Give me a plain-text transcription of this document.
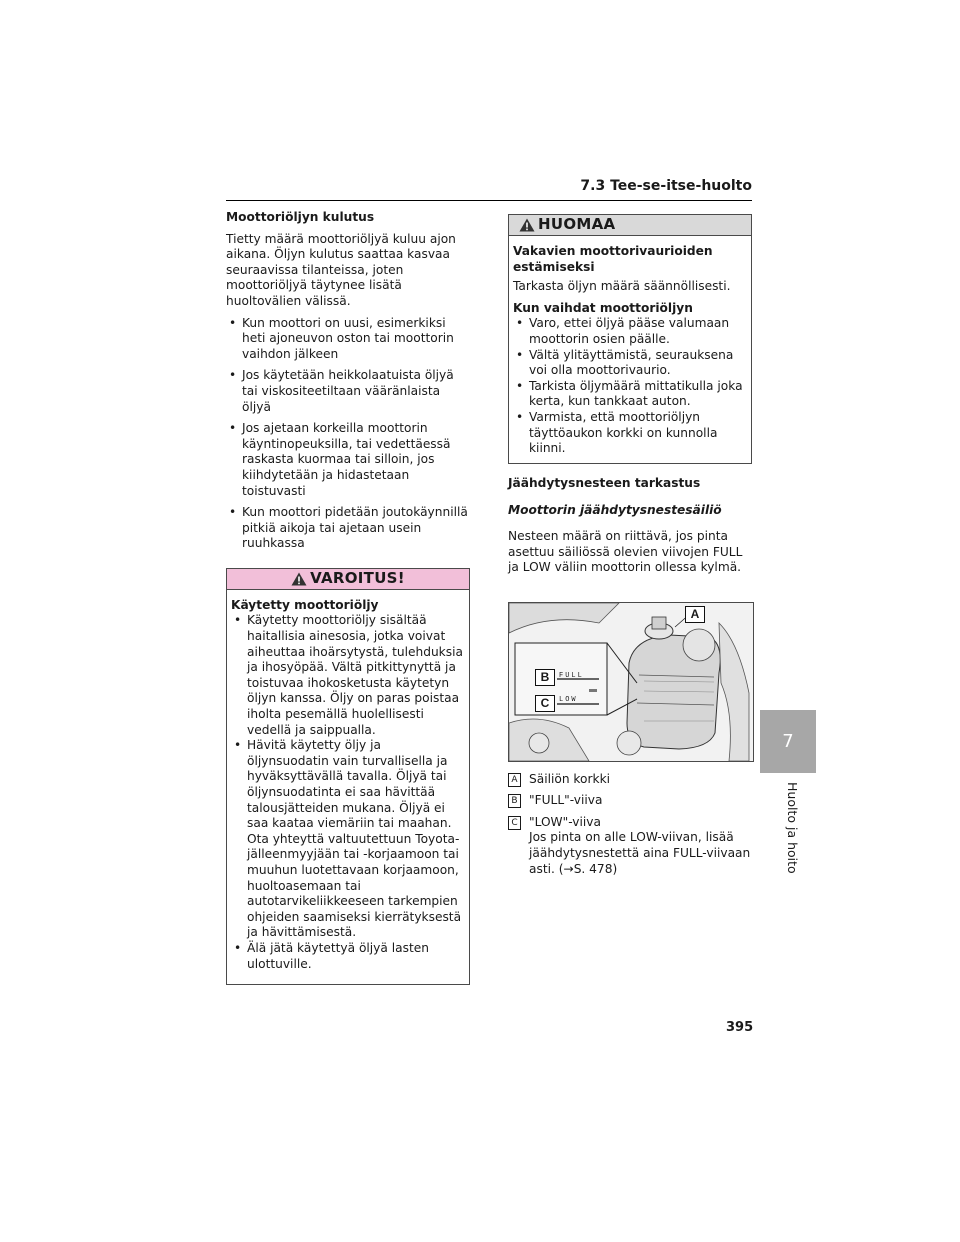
7.3 Tee-se-itse-huolto
Moottoriöljyn kulutus

Tietty määrä moottoriöljyä kuluu ajon aikana. Öljyn kulutus saattaa kasvaa seuraavissa tilanteissa, joten moottoriöljyä täytynee lisätä huoltovälien välissä.

• Kun moottori on uusi, esimerkiksi heti ajoneuvon oston tai moottorin vaihdon jälkeen
• Jos käytetään heikkolaatuista öljyä tai viskositeetiltaan vääränlaista öljyä
• Jos ajetaan korkeilla moottorin käyntinopeuksilla, tai vedettäessä raskasta kuormaa tai silloin, jos kiihdytetään ja hidastetaan toistuvasti
• Kun moottori pidetään joutokäynnillä pitkiä aikoja tai ajetaan usein ruuhkassa
VAROITUS!
Käytetty moottoriöljy
• Käytetty moottoriöljy sisältää haitallisia ainesosia, jotka voivat aiheuttaa ihoärsytystä, tulehduksia ja ihosyöpää. Vältä pitkittynyttä ja toistuvaa ihokosketusta käytetyn öljyn kanssa. Öljy on paras poistaa iholta pesemällä huolellisesti vedellä ja saippualla.
• Hävitä käytetty öljy ja öljynsuodatin vain turvallisella ja hyväksyttävällä tavalla. Öljyä tai öljynsuodatinta ei saa hävittää talousjätteiden mukana. Öljyä ei saa kaataa viemäriin tai maahan. Ota yhteyttä valtuutettuun Toyota-jälleenmyyjään tai -korjaamoon tai muuhun luotettavaan korjaamoon, huoltoasemaan tai autotarvikeliikkeeseen tarkempien ohjeiden saamiseksi kierrätyksestä ja hävittämisestä.
• Älä jätä käytettyä öljyä lasten ulottuville.
HUOMAA
Vakavien moottorivaurioiden estämiseksi

Tarkasta öljyn määrä säännöllisesti.

Kun vaihdat moottoriöljyn
• Varo, ettei öljyä pääse valumaan moottorin osien päälle.
• Vältä ylitäyttämistä, seurauksena voi olla moottorivaurio.
• Tarkista öljymäärä mittatikulla joka kerta, kun tankkaat auton.
• Varmista, että moottoriöljyn täyttöaukon korkki on kunnolla kiinni.
Jäähdytysnesteen tarkastus
Moottorin jäähdytysnestesäiliö

Nesteen määrä on riittävä, jos pinta asettuu säiliössä olevien viivojen FULL ja LOW väliin moottorin ollessa kylmä.

A
B
C
FULL
LOW
A Säiliön korkki
B "FULL"-viiva
C "LOW"-viiva
Jos pinta on alle LOW-viivan, lisää jäähdytysnestettä aina FULL-viivaan asti. (→S. 478)
7
Huolto ja hoito
395
